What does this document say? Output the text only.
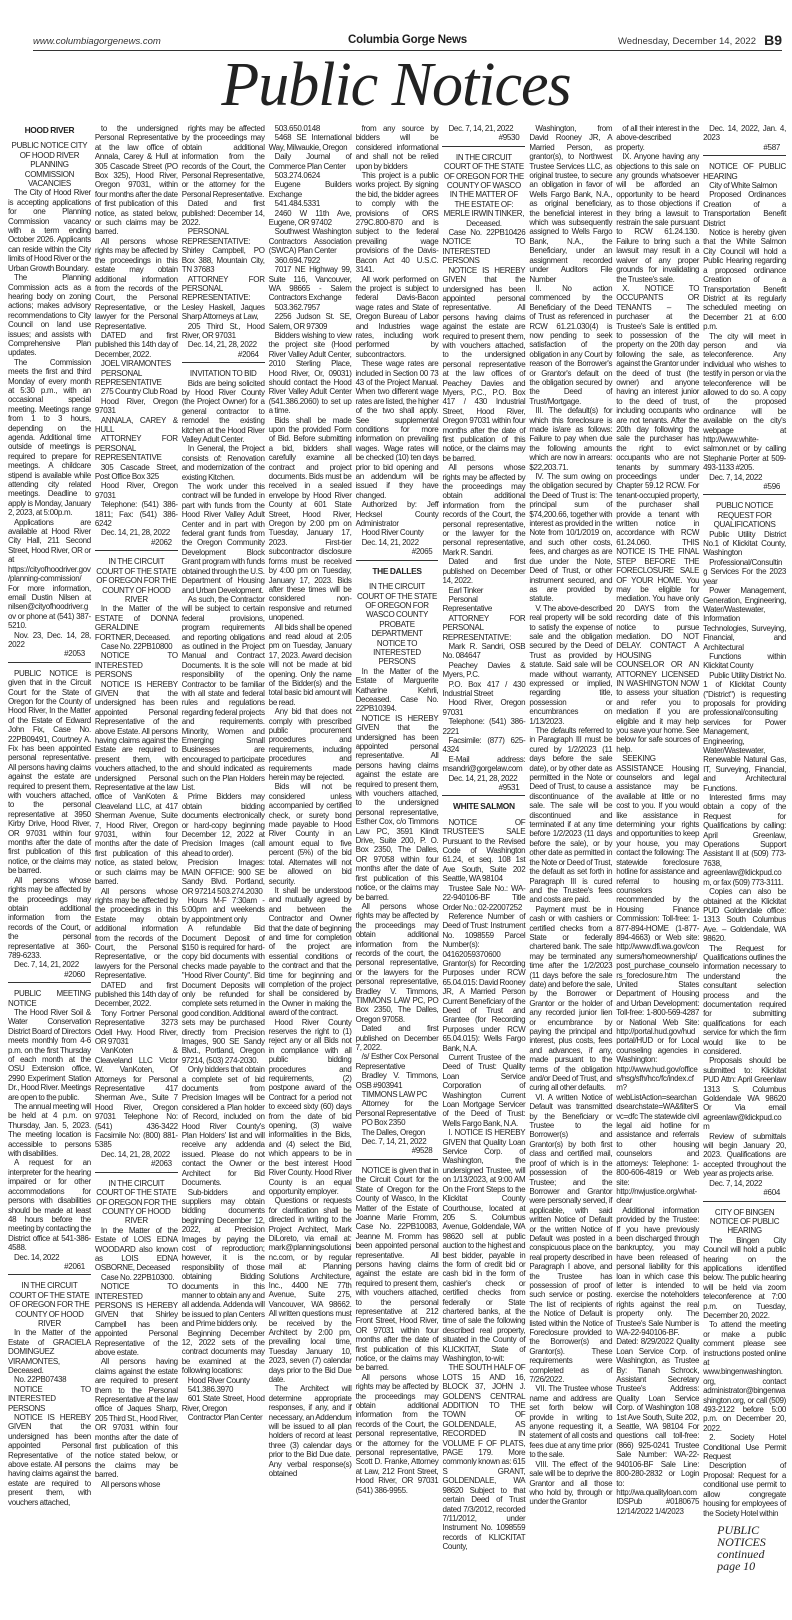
www.columbiagorgenews.com	Columbia Gorge News	Wednesday, December 14, 2022 B9
Public Notices

HOOD RIVER

PUBLIC NOTICE CITY OF HOOD RIVER PLANNING COMMISSION VACANCIES

The City of Hood River is accepting applications for one Planning Commission vacancy with a term ending October 2026. Applicants can reside within the City limits of Hood River or the Urban Growth Boundary.

The Planning Commission acts as a hearing body on zoning actions; makes advisory recommendations to City Council on land use issues; and assists with Comprehensive Plan updates.

The Commission meets the first and third Monday of every month at 5:30 p.m., with an occasional special meeting. Meetings range from 1 to 3 hours, depending on the agenda. Additional time outside of meetings is required to prepare for meetings. A childcare stipend is available while attending city related meetings. Deadline to apply is Monday, January 2, 2023, at 5:00p.m.

Applications are available at Hood River City Hall, 211 Second Street, Hood River, OR or at https://cityofhoodriver.gov/planning-commission/ For more information, email Dustin Nilsen at nilsen@cityofhoodriver.gov or phone at (541) 387-5210.

Nov. 23, Dec. 14, 28, 2022

#2053

PUBLIC NOTICE is given that in the Circuit Court for the State of Oregon for the County of Hood River, In the Matter of the Estate of Edward John Fix, Case No. 22PB09491, Courtney A. Fix has been appointed personal representative. All persons having claims against the estate are required to present them, with vouchers attached, to the personal representative at 3950 Kirby Drive, Hood River, OR 97031 within four months after the date of first publication of this notice, or the claims may be barred.

All persons whose rights may be affected by the proceedings may obtain additional information from the records of the Court, or the personal representative at 360-789-6233.

Dec. 7, 14, 21, 2022

#2060

PUBLIC MEETING NOTICE

The Hood River Soil & Water Conservation District Board of Directors meets monthly from 4-6 p.m. on the first Thursday of each month at the OSU Extension office, 2990 Experiment Station Dr., Hood River. Meetings are open to the public.

The annual meeting will be held at 4 p.m. on Thursday, Jan. 5, 2023. The meeting location is accessible to persons with disabilities.

A request for an interpreter for the hearing impaired or for other accommodations for persons with disabilities should be made at least 48 hours before the meeting by contacting the District office at 541-386-4588.

Dec. 14, 2022

#2061

IN THE CIRCUIT COURT OF THE STATE OF OREGON FOR THE COUNTY OF HOOD RIVER

In the Matter of the Estate of GRACIELA DOMINGUEZ VIRAMONTES, Deceased.

No. 22PB07438

NOTICE TO INTERESTED PERSONS

NOTICE IS HEREBY GIVEN that the undersigned has been appointed Personal Representative of the above estate. All persons having claims against the estate are required to present them, with vouchers attached,

to the undersigned Personal Representative at the law office of Annala, Carey & Hull at 305 Cascade Street (PO Box 325), Hood River, Oregon 97031, within four months after the date of first publication of this notice, as stated below, or such claims may be barred.

All persons whose rights may be affected by the proceedings in this estate may obtain additional information from the records of the Court, the Personal Representative, or the lawyer for the Personal Representative.

DATED and first published this 14th day of December, 2022.

JOEL VIRAMONTES

PERSONAL REPRESENTATIVE

275 Country Club Road

Hood River, Oregon 97031

ANNALA, CAREY & HULL

ATTORNEY FOR PERSONAL REPRESENTATIVE

305 Cascade Street, Post Office Box 325

Hood River, Oregon 97031

Telephone: (541) 386-1811; Fax: (541) 386-6242

Dec. 14, 21, 28, 2022

#2062

IN THE CIRCUIT COURT OF THE STATE OF OREGON FOR THE COUNTY OF HOOD RIVER

In the Matter of the ESTATE of DONNA GERALDINE FORTNER, Deceased.

Case No. 22PB10800

NOTICE TO INTERESTED PERSONS

NOTICE IS HEREBY GIVEN that the undersigned has been appointed Personal Representative of the above Estate. All persons having claims against the Estate are required to present them, with vouchers attached, to the undersigned Personal Representative at the law office of VanKoten & Cleaveland LLC, at 417 Sherman Avenue, Suite 7, Hood River, Oregon 97031, within four months after the date of first publication of this notice, as stated below, or such claims may be barred.

All persons whose rights may be affected by the proceedings in this Estate may obtain additional information from the records of the Court, the Personal Representative, or the lawyers for the Personal Representative.

DATED and first published this 14th day of December, 2022.

Tony Fortner Personal Representative 3273 Odell Hwy. Hood River, OR 97031

VanKoten & Cleaveland LLC Victor W. VanKoten, Of Attorneys for Personal Representative 417 Sherman Ave., Suite 7 Hood River, Oregon 97031 Telephone No: (541) 436-3422 Facsimile No: (800) 881-5385

Dec. 14, 21, 28, 2022

#2063

IN THE CIRCUIT COURT OF THE STATE OF OREGON FOR THE COUNTY OF HOOD RIVER

In the Matter of the Estate of LOIS EDNA WOODARD also known as LOIS EDNA OSBORNE, Deceased

Case No. 22PB10300.

NOTICE TO INTERESTED PERSONS IS HEREBY GIVEN that Shirley Campbell has been appointed Personal Representative of the above estate.

All persons having claims against the estate are required to present them to the Personal Representative at the law office of Jaques Sharp, 205 Third St., Hood River, OR 97031 within four months after the date of first publication of this notice stated below, or the claims may be barred.

All persons whose

rights may be affected by the proceedings may obtain additional information from the records of the Court, the Personal Representative, or the attorney for the Personal Representative.

Dated and first published: December 14, 2022.

PERSONAL REPRESENTATIVE: Shirley Campbell, PO Box 388, Mountain City, TN 37683

ATTORNEY FOR PERSONAL REPRESENTATIVE: Lesley Haskell, Jaques Sharp Attorneys at Law,

205 Third St., Hood River, OR 97031

Dec. 14, 21, 28, 2022

#2064

INVITATION TO BID

Bids are being solicited by Hood River County (the Project Owner) for a general contractor to remodel the existing kitchen at the Hood River Valley Adult Center.

In General, the Project consists of: Renovation and modernization of the existing Kitchen.

The work under this contract will be funded in part with funds from the Hood River Valley Adult Center and in part with federal grant funds from the Oregon Community Development Block Grant program with funds obtained through the U.S. Department of Housing and Urban Development.

As such, the Contractor will be subject to certain federal provisions, program requirements and reporting obligations as outlined in the Project Manual and Contract Documents. It is the sole responsibility of the Contractor to be familiar with all state and federal rules and regulations regarding federal projects and requirements. Minority, Women and Emerging Small Businesses are encouraged to participate and should indicated as such on the Plan Holders List.

Prime Bidders may obtain bidding documents electronically or hard-copy beginning December 12, 2022 at Precision Images (call ahead to order).

Precision Images: MAIN OFFICE: 900 SE Sandy Blvd. Portland, OR 97214 503.274.2030

Hours M-F 7:30am - 5:00pm and weekends by appointment only

A refundable Bid Document Deposit of $150 is required for hard-copy bid documents with checks made payable to "Hood River County". Bid Document Deposits will only be refunded for complete sets returned in good condition. Additional sets may be purchased directly from Precision Images, 900 SE Sandy Blvd., Portland, Oregon 97214, (503) 274-2030.

Only bidders that obtain a complete set of bid documents from Precision Images will be considered a Plan holder of Record, included on Hood River County's Plan Holders' list and will receive any addenda issued. Please do not contact the Owner or Architect for Bid Documents.

Sub-bidders and suppliers may obtain bidding documents beginning December 12, 2022, at Precision Images by paying the cost of reproduction; however, it is the responsibility of those obtaining Bidding documents in this manner to obtain any and all addenda. Addenda will be issued to plan Centers and Prime bidders only.

Beginning December 12, 2022 sets of the contract documents may be examined at the following locations:

Hood River County

541.386.3970

601 State Street, Hood River, Oregon

Contractor Plan Center

503.650.0148

5468 SE International Way, Milwaukie, Oregon

Daily Journal of Commerce Plan Center

503.274.0624

Eugene Builders Exchange

541.484.5331

2460 W 11th Ave, Eugene, OR 97402

Southwest Washington Contractors Association (SWCA) Plan Center

360.694.7922

7017 NE Highway 99, Suite 116, Vancouver, WA 98665 - Salem Contractors Exchange

503.362.7957

2256 Judson St. SE, Salem, OR 97309

Bidders wishing to view the project site (Hood River Valley Adult Center, 2010 Sterling Place, Hood River, Or, 09031) should contact the Hood River Valley Adult Center (541.386.2060) to set up a time.

Bids shall be made upon the provided Form of Bid. Before submitting a bid, bidders shall carefully examine all contract and project documents. Bids must be received in a sealed envelope by Hood River County at 601 State Street, Hood River, Oregon by 2:00 pm on Tuesday, January 17, 2023. First-tier subcontractor disclosure forms must be received by 4:00 pm on Tuesday, January 17, 2023. Bids after these times will be considered non-responsive and returned unopened.

All bids shall be opened and read aloud at 2:05 pm on Tuesday, January 17, 2023. Award decision will not be made at bid opening. Only the name of the Bidder(s) and the total basic bid amount will be read.

Any bid that does not comply with prescribed public procurement procedures and requirements, including procedures and requirements made herein may be rejected.

Bids will not be considered unless accompanied by certified check, or surety bond made payable to Hood River County in an amount equal to five percent (5%) of the bid total. Alternates will not be allowed on bid security.

It shall be understood and mutually agreed by and between the Contractor and Owner that the date of beginning and time for completion of the project are essential conditions of the contract and that the time for beginning and completion of the project shall be considered by the Owner in making the award of the contract.

Hood River County reserves the right to (1) reject any or all Bids not in compliance with all public bidding procedures and requirements, (2) postpone award of the Contract for a period not to exceed sixty (60) days from the date of bid opening, (3) waive informalities in the Bids, and (4) select the Bid, which appears to be in the best interest Hood River County. Hood River County is an equal opportunity employer.

Questions or requests for clarification shall be directed in writing to the Project Architect, Mark DiLoreto, via email at: mark@planningsolutionsinc.com, or by regular mail at: Planning Solutions Architecture, Inc., 4400 NE 77th Avenue, Suite 275, Vancouver, WA 98662. All written questions must be received by the Architect by 2:00 pm, prevailing local time, Tuesday January 10, 2023, seven (7) calendar days prior to the Bid Due date.

The Architect will determine appropriate responses, if any, and if necessary, an Addendum will be issued to all plan holders of record at least three (3) calendar days prior to the Bid Due date. Any verbal response(s) obtained

from any source by bidders will be considered informational and shall not be relied upon by bidders

This project is a public works project. By signing the bid, the bidder agrees to comply with the provisions of ORS 279C.800-870 and is subject to the federal prevailing wage provisions of the Davis-Bacon Act 40 U.S.C. 3141.

All work performed on the project is subject to federal Davis-Bacon wage rates and State of Oregon Bureau of Labor and Industries wage rates, including work performed by subcontractors.

These wage rates are included in Section 00 73 43 of the Project Manual. When two different wage rates are listed, the higher of the two shall apply. See supplemental conditions for more information on prevailing wages. Wage rates will be checked (10) ten days prior to bid opening and an addendum will be issued if they have changed.

Authorized by: Jeff Hecksel County Administrator

Hood River County

Dec. 14, 21, 2022

#2065

THE DALLES

IN THE CIRCUIT COURT OF THE STATE OF OREGON FOR WASCO COUNTY PROBATE DEPARTMENT

NOTICE TO INTERESTED PERSONS

In the Matter of the Estate of Marguerite Katharine Kehrli, Deceased. Case No. 22PB10394.

NOTICE IS HEREBY GIVEN that the undersigned has been appointed personal representative. All persons having claims against the estate are required to present them, with vouchers attached, to the undersigned personal representative, Esther Cox, c/o Timmons Law PC, 3591 Klindt Drive, Suite 200, P. O. Box 2350, The Dalles, OR 97058 within four months after the date of first publication of this notice, or the claims may be barred.

All persons whose rights may be affected by the proceedings may obtain additional information from the records of the court, the personal representative, or the lawyers for the personal representative, Bradley V. Timmons, TIMMONS LAW PC, PO Box 2350, The Dalles, Oregon 97058.

Dated and first published on December 7, 2022.

/s/ Esther Cox Personal Representative

Bradley V. Timmons, OSB #903941

TIMMONS LAW PC

Attorney for the Personal Representative

PO Box 2350

The Dalles, Oregon

Dec. 7, 14, 21, 2022

#9528

NOTICE is given that in the Circuit Court for the State of Oregon for the County of Wasco, In the Matter of the Estate of Joanne Marie Fromm, Case No. 22PB10083, Jeanne M. Fromm has been appointed personal representative. All persons having claims against the estate are required to present them, with vouchers attached, to the personal representative at 212 Front Street, Hood River, OR 97031 within four months after the date of first publication of this notice, or the claims may be barred.

All persons whose rights may be affected by the proceedings may obtain additional information from the records of the Court, the personal representative, or the attorney for the personal representative, Scott D. Franke, Attorney at Law, 212 Front Street, Hood River, OR 97031 (541) 386-9955.

Dec. 7, 14, 21, 2022

#9530

IN THE CIRCUIT COURT OF THE STATE OF OREGON FOR THE COUNTY OF WASCO

IN THE MATTER OF THE ESTATE OF: MERLE IRWIN TINKER, Deceased.

Case No. 22PB10426 NOTICE TO INTERESTED PERSONS

NOTICE IS HEREBY GIVEN that the undersigned has been appointed personal representative. All persons having claims against the estate are required to present them, with vouchers attached, to the undersigned personal representative at the law offices of Peachey Davies and Myers, P.C., P.O. Box 417 / 430 Industrial Street, Hood River, Oregon 97031 within four months after the date of first publication of this notice, or the claims may be barred.

All persons whose rights may be affected by the proceedings may obtain additional information from the records of the Court, the personal representative, or the lawyer for the personal representative, Mark R. Sandri.

Dated and first published on December 14, 2022.

Earl Tinker

Personal Representative

ATTORNEY FOR PERSONAL REPRESENTATIVE:

Mark R. Sandri, OSB No. 084647

Peachey Davies & Myers, P.C.

P.O. Box 417 / 430 Industrial Street

Hood River, Oregon 97031

Telephone: (541) 386-2221

Facsimile: (877) 625-4324

E-Mail address: msandri@gorgelaw.com

Dec. 14, 21, 28, 2022

#9531

WHITE SALMON

NOTICE OF TRUSTEE'S SALE Pursuant to the Revised Code of Washington 61.24, et seq. 108 1st Ave South, Suite 202 Seattle, WA 98104

Trustee Sale No.: WA-22-940106-BF Title Order No.: 02-22007252

Reference Number of Deed of Trust: Instrument No. 1098559 Parcel Number(s): 04162059370600 Grantor(s) for Recording Purposes under RCW 65.04.015: David Rooney JR, A Married Person Current Beneficiary of the Deed of Trust and Grantee (for Recording Purposes under RCW 65.04.015): Wells Fargo Bank, N.A.

Current Trustee of the Deed of Trust: Quality Loan Service Corporation of Washington Current Loan Mortgage Servicer of the Deed of Trust: Wells Fargo Bank, N.A.

I. NOTICE IS HEREBY GIVEN that Quality Loan Service Corp. of Washington, the undersigned Trustee, will on 1/13/2023, at 9:00 AM On the Front Steps to the Klickitat County Courthouse, located at 205 S. Columbus Avenue, Goldendale, WA 98620 sell at public auction to the highest and best bidder, payable in the form of credit bid or cash bid in the form of cashier's check or certified checks from federally or State chartered banks, at the time of sale the following described real property, situated in the County of KLICKITAT, State of Washington, to-wit:

THE SOUTH HALF OF LOTS 15 AND 16, BLOCK 37, JOHN J. GOLDEN'S CENTRAL ADDITION TO THE TOWN OF GOLDENDALE, AS RECORDED IN VOLUME F OF PLATS, PAGE 179. More commonly known as: 615 S GRANT, GOLDENDALE, WA 98620 Subject to that certain Deed of Trust dated 7/3/2012, recorded 7/11/2012, under Instrument No. 1098559 records of KLICKITAT County,

Washington, from David Rooney JR, A Married Person, as grantor(s), to Northwest Trustee Services LLC, as original trustee, to secure an obligation in favor of Wells Fargo Bank, N.A., as original beneficiary, the beneficial interest in which was subsequently assigned to Wells Fargo Bank, N.A., the Beneficiary, under an assignment recorded under Auditors File Number

II. No action commenced by the Beneficiary of the Deed of Trust as referenced in RCW 61.21.030(4) is now pending to seek satisfaction of the obligation in any Court by reason of the Borrower's or Grantor's default on the obligation secured by the Deed of Trust/Mortgage.

III. The default(s) for which this foreclosure is made is/are as follows: Failure to pay when due the following amounts which are now in arrears: $22,203.71.

IV. The sum owing on the obligation secured by the Deed of Trust is: The principal sum of $74,200.66, together with interest as provided in the Note from 10/1/2019 on, and such other costs, fees, and charges as are due under the Note, Deed of Trust, or other instrument secured, and as are provided by statute.

V. The above-described real property will be sold to satisfy the expense of sale and the obligation secured by the Deed of Trust as provided by statute. Said sale will be made without warranty, expressed or implied, regarding title, possession or encumbrances on 1/13/2023.

The defaults referred to in Paragraph III must be cured by 1/2/2023 (11 days before the sale date), or by other date as permitted in the Note or Deed of Trust, to cause a discontinuance of the sale. The sale will be discontinued and terminated if at any time before 1/2/2023 (11 days before the sale), or by other date as permitted in the Note or Deed of Trust, the default as set forth in Paragraph III is cured and the Trustee's fees and costs are paid.

Payment must be in cash or with cashiers or certified checks from a State or federally chartered bank. The sale may be terminated any time after the 1/2/2023 (11 days before the sale date) and before the sale, by the Borrower or Grantor or the holder of any recorded junior lien or encumbrance by paying the principal and interest, plus costs, fees and advances, if any, made pursuant to the terms of the obligation and/or Deed of Trust, and curing all other defaults.

VI. A written Notice of Default was transmitted by the Beneficiary or Trustee to the Borrower(s) and Grantor(s) by both first class and certified mail, proof of which is in the possession of the Trustee; and the Borrower and Grantor were personally served, if applicable, with said written Notice of Default or the written Notice of Default was posted in a conspicuous place on the real property described in Paragraph I above, and the Trustee has possession of proof of such service or posting. The list of recipients of the Notice of Default is listed within the Notice of Foreclosure provided to the Borrower(s) and Grantor(s). These requirements were completed as of 7/26/2022.

VII. The Trustee whose name and address are set forth below will provide in writing to anyone requesting it, a statement of all costs and fees due at any time prior to the sale.

VIII. The effect of the sale will be to deprive the Grantor and all those who hold by, through or under the Grantor

of all their interest in the above-described property.

IX. Anyone having any objections to this sale on any grounds whatsoever will be afforded an opportunity to be heard as to those objections if they bring a lawsuit to restrain the sale pursuant to RCW 61.24.130. Failure to bring such a lawsuit may result in a waiver of any proper grounds for invalidating the Trustee's sale.

X. NOTICE TO OCCUPANTS OR TENANTS – The purchaser at the Trustee's Sale is entitled to possession of the property on the 20th day following the sale, as against the Grantor under the deed of trust (the owner) and anyone having an interest junior to the deed of trust, including occupants who are not tenants. After the 20th day following the sale the purchaser has the right to evict occupants who are not tenants by summary proceedings under Chapter 59.12 RCW. For tenant-occupied property, the purchaser shall provide a tenant with written notice in accordance with RCW 61.24.060. THIS NOTICE IS THE FINAL STEP BEFORE THE FORECLOSURE SALE OF YOUR HOME. You may be eligible for mediation. You have only 20 DAYS from the recording date of this notice to pursue mediation. DO NOT DELAY. CONTACT A HOUSING COUNSELOR OR AN ATTORNEY LICENSED IN WASHINGTON NOW to assess your situation and refer you to mediation if you are eligible and it may help you save your home. See below for safe sources of help.

SEEKING ASSISTANCE Housing counselors and legal assistance may be available at little or no cost to you. If you would like assistance in determining your rights and opportunities to keep your house, you may contact the following: The statewide foreclosure hotline for assistance and referral to housing counselors recommended by the Housing Finance Commission: Toll-free: 1-877-894-HOME (1-877-894-4663) or Web site: http://www.dfi.wa.gov/consumers/homeownership/post_purchase_counselors_foreclosure.htm The United States Department of Housing and Urban Development: Toll-free: 1-800-569-4287 or National Web Site: http://portal.hud.gov/hudportal/HUD or for Local counseling agencies in Washington: http://www.hud.gov/offices/hsg/sfh/hcc/fc/index.cfm?webListAction=searchandsearchstate=WA&filterSvc=dfc The statewide civil legal aid hotline for assistance and referrals to other housing counselors and attorneys: Telephone: 1-800-606-4819 or Web site: http://nwjustice.org/what-clear

Additional information provided by the Trustee: If you have previously been discharged through bankruptcy, you may have been released of personal liability for this loan in which case this letter is intended to exercise the noteholders rights against the real property only. The Trustee's Sale Number is WA-22-940106-BF. Dated: 8/29/2022 Quality Loan Service Corp. of Washington, as Trustee By: Tianah Schrock, Assistant Secretary Trustee's Address: Quality Loan Service Corp. of Washington 108 1st Ave South, Suite 202, Seattle, WA 98104 For questions call toll-free: (866) 925-0241 Trustee Sale Number: WA-22-940106-BF Sale Line: 800-280-2832 or Login to: http://wa.qualityloan.com IDSPub #0180675 12/14/2022 1/4/2023

Dec. 14, 2022, Jan. 4, 2023

#587

NOTICE OF PUBLIC HEARING

City of White Salmon

Proposed Ordinances Creation of a Transportation Benefit District

Notice is hereby given that the White Salmon City Council will hold a Public Hearing regarding a proposed ordinance Creation of a Transportation Benefit District at its regularly scheduled meeting on December 21 at 6:00 p.m.

The city will meet in person and via teleconference. Any individual who wishes to testify in person or via the teleconference will be allowed to do so. A copy of the proposed ordinance will be available on the city's webpage at http://www.white-salmon.net or by calling Stephanie Porter at 509-493-1133 #205.

Dec. 7, 14, 2022

#596

PUBLIC NOTICE REQUEST FOR QUALIFICATIONS

Public Utility District No.1 of Klickitat County, Washington

Professional/Consulting Services For the 2023 year

Power Management, Generation, Engineering, Water/Wastewater, Information Technologies, Surveying, Financial, and Architectural

Functions within Klickitat County

Public Utility District No. 1 of Klickitat County ("District") is requesting proposals for providing professional/consulting services for Power Management, Engineering, Water/Wastewater, Renewable Natural Gas, IT, Surveying, Financial, and Architectural Functions.

Interested firms may obtain a copy of the Request for Qualifications by calling: April Greenlaw, Operations Support Assistant II at (509) 773-7638, agreenlaw@klickpud.com, or fax (509) 773-3111.

Copies can also be obtained at the Klickitat PUD Goldendale office: 1313 South Columbus Ave. – Goldendale, WA 98620.

The Request for Qualifications outlines the information necessary to understand the consultant selection process and the documentation required for submitting qualifications for each service for which the firm would like to be considered.

Proposals should be submitted to: Klickitat PUD Attn: April Greenlaw 1313 S. Columbus Goldendale WA 98620 Or Via email agreenlaw@klickpud.com

Review of submittals will begin January 20, 2023. Qualifications are accepted throughout the year as projects arise.

Dec. 7, 14, 2022

#604

CITY OF BINGEN NOTICE OF PUBLIC HEARING

The Bingen City Council will hold a public hearing on the applications identified below. The public hearing will be held via zoom teleconference at 7:00 p.m. on Tuesday, December 20, 2022.

To attend the meeting or make a public comment please see instructions posted online at www.bingenwashington.org, contact administrator@bingenwashington.org, or call (509) 493-2122 before 5:00 p.m. on December 20, 2022.

2. Society Hotel Conditional Use Permit Request

Description of Proposal: Request for a conditional use permit to allow congregate housing for employees of the Society Hotel within

PUBLIC NOTICES continued page 10
